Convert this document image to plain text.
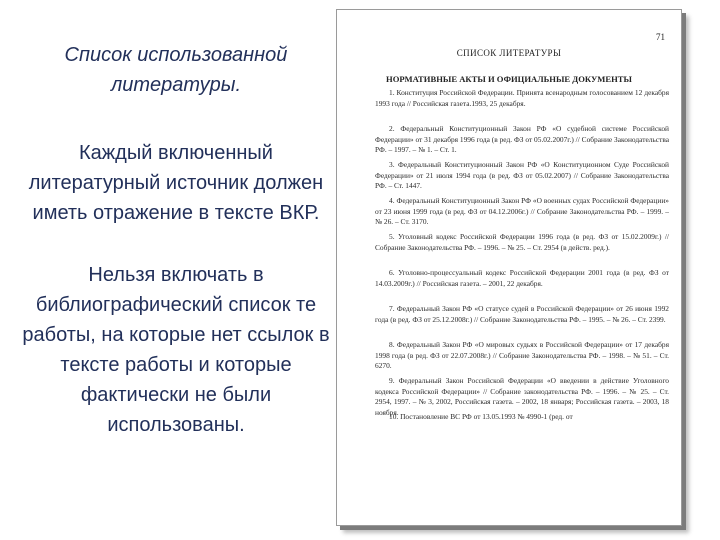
Список использованной литературы.

Каждый включенный литературный источник должен иметь отражение в тексте ВКР.

Нельзя включать в библиографический список те работы, на которые нет ссылок в тексте работы и которые фактически не были использованы.

71
СПИСОК ЛИТЕРАТУРЫ
НОРМАТИВНЫЕ АКТЫ И ОФИЦИАЛЬНЫЕ ДОКУМЕНТЫ

1. Конституция Российской Федерации. Принята всенародным голосованием 12 декабря 1993 года // Российская газета.1993, 25 декабря.

2. Федеральный Конституционный Закон РФ «О судебной системе Российской Федерации» от 31 декабря 1996 года (в ред. ФЗ от 05.02.2007г.) // Собрание Законодательства РФ. – 1997. – № 1. – Ст. 1.

3. Федеральный Конституционный Закон РФ «О Конституционном Суде Российской Федерации» от 21 июля 1994 года (в ред. ФЗ от 05.02.2007) // Собрание Законодательства РФ. – Ст. 1447.

4. Федеральный Конституционный Закон РФ «О военных судах Российской Федерации» от 23 июня 1999 года (в ред. ФЗ от 04.12.2006г.) // Собрание Законодательства РФ. – 1999. – № 26. – Ст. 3170.

5. Уголовный кодекс Российской Федерации 1996 года (в ред. ФЗ от 15.02.2009г.) // Собрание Законодательства РФ. – 1996. – № 25. – Ст. 2954 (в действ. ред.).

6. Уголовно-процессуальный кодекс Российской Федерации 2001 года (в ред. ФЗ от 14.03.2009г.) // Российская газета. – 2001, 22 декабря.

7. Федеральный Закон РФ «О статусе судей в Российской Федерации» от 26 июня 1992 года (в ред. ФЗ от 25.12.2008г.) // Собрание Законодательства РФ. – 1995. – № 26. – Ст. 2399.

8. Федеральный Закон РФ «О мировых судьях в Российской Федерации» от 17 декабря 1998 года (в ред. ФЗ от 22.07.2008г.) // Собрание Законодательства РФ. – 1998. – № 51. – Ст. 6270.

9. Федеральный Закон Российской Федерации «О введении в действие Уголовного кодекса Российской Федерации» // Собрание законодательства РФ. – 1996. – № 25. – Ст. 2954, 1997. – № 3, 2002, Российская газета. – 2002, 18 января; Российская газета. – 2003, 18 ноября.

10. Постановление ВС РФ от 13.05.1993 № 4990-1 (ред. от
